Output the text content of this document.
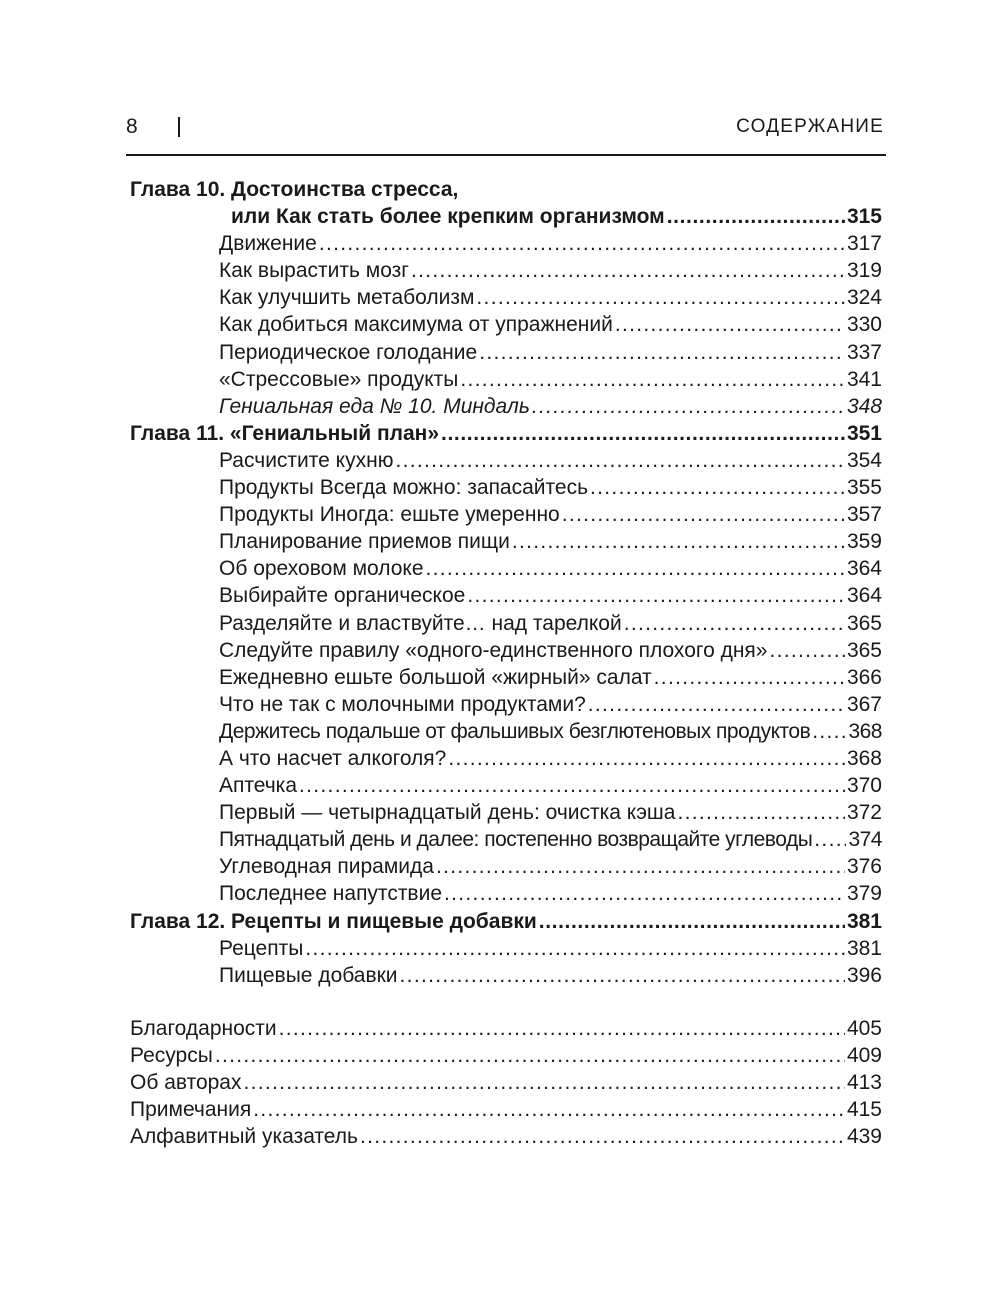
8	СОДЕРЖАНИЕ
Глава 10. Достоинства стресса,
или Как стать более крепким организмом .....	315
Движение .....	317
Как вырастить мозг .....	319
Как улучшить метаболизм .....	324
Как добиться максимума от упражнений .....	330
Периодическое голодание .....	337
«Стрессовые» продукты .....	341
Гениальная еда № 10. Миндаль .....	348
Глава 11. «Гениальный план» .....	351
Расчистите кухню .....	354
Продукты Всегда можно: запасайтесь .....	355
Продукты Иногда: ешьте умеренно .....	357
Планирование приемов пищи .....	359
Об ореховом молоке .....	364
Выбирайте органическое .....	364
Разделяйте и властвуйте… над тарелкой .....	365
Следуйте правилу «одного-единственного плохого дня» .....	365
Ежедневно ешьте большой «жирный» салат .....	366
Что не так с молочными продуктами? .....	367
Держитесь подальше от фальшивых безглютеновых продуктов ..... 368
А что насчет алкоголя? .....	368
Аптечка .....	370
Первый — четырнадцатый день: очистка кэша .....	372
Пятнадцатый день и далее: постепенно возвращайте углеводы ..... 374
Углеводная пирамида .....	376
Последнее напутствие .....	379
Глава 12. Рецепты и пищевые добавки .....	381
Рецепты .....	381
Пищевые добавки .....	396
Благодарности .....	405
Ресурсы .....	409
Об авторах .....	413
Примечания .....	415
Алфавитный указатель .....	439
